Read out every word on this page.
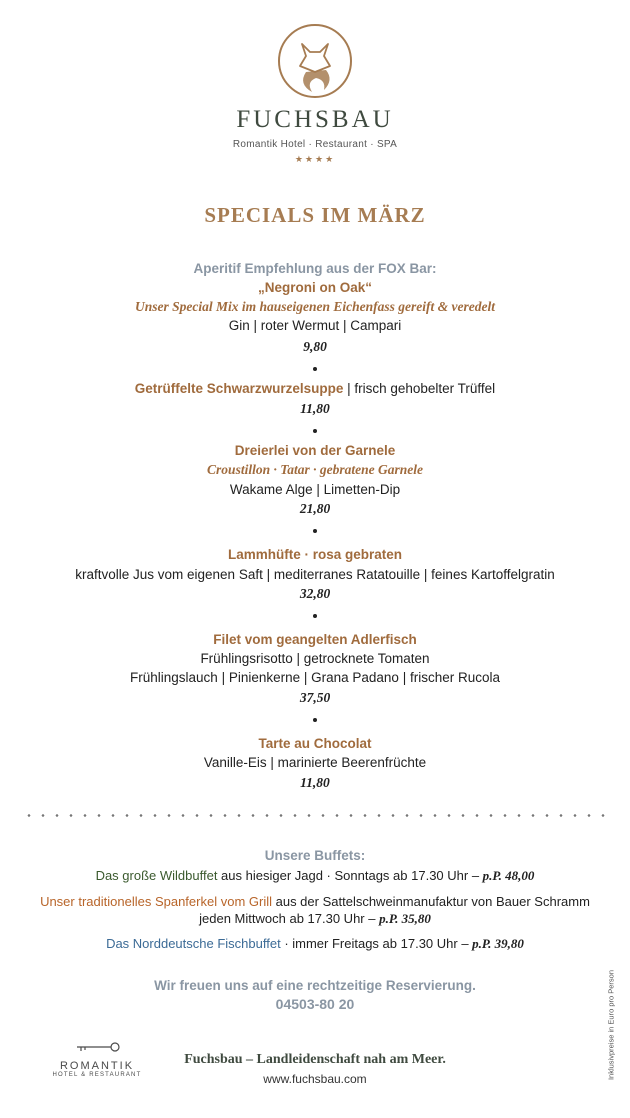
FUCHSBAU
Romantik Hotel · Restaurant · SPA
★★★★
SPECIALS IM MÄRZ
Aperitif Empfehlung aus der FOX Bar:
„Negroni on Oak“
Unser Special Mix im hauseigenen Eichenfass gereift & veredelt
Gin | roter Wermut | Campari
9,80
Getrüffelte Schwarzwurzelsuppe | frisch gehobelter Trüffel
11,80
Dreierlei von der Garnele
Croustillon · Tatar · gebratene Garnele
Wakame Alge | Limetten-Dip
21,80
Lammhüfte · rosa gebraten
kraftvolle Jus vom eigenen Saft | mediterranes Ratatouille | feines Kartoffelgratin
32,80
Filet vom geangelten Adlerfisch
Frühlingsrisotto | getrocknete Tomaten
Frühlingslauch | Pinienkerne | Grana Padano | frischer Rucola
37,50
Tarte au Chocolat
Vanille-Eis | marinierte Beerenfrüchte
11,80
Unsere Buffets:
Das große Wildbuffet aus hiesiger Jagd · Sonntags ab 17.30 Uhr – p.P. 48,00
Unser traditionelles Spanferkel vom Grill aus der Sattelschweinmanufaktur von Bauer Schramm
jeden Mittwoch ab 17.30 Uhr – p.P. 35,80
Das Norddeutsche Fischbuffet · immer Freitags ab 17.30 Uhr – p.P. 39,80
Wir freuen uns auf eine rechtzeitige Reservierung.
04503-80 20	Inklusivpreise in Euro pro Person
ROMANTIK
HOTEL & RESTAURANT
Fuchsbau – Landleidenschaft nah am Meer.
www.fuchsbau.com
